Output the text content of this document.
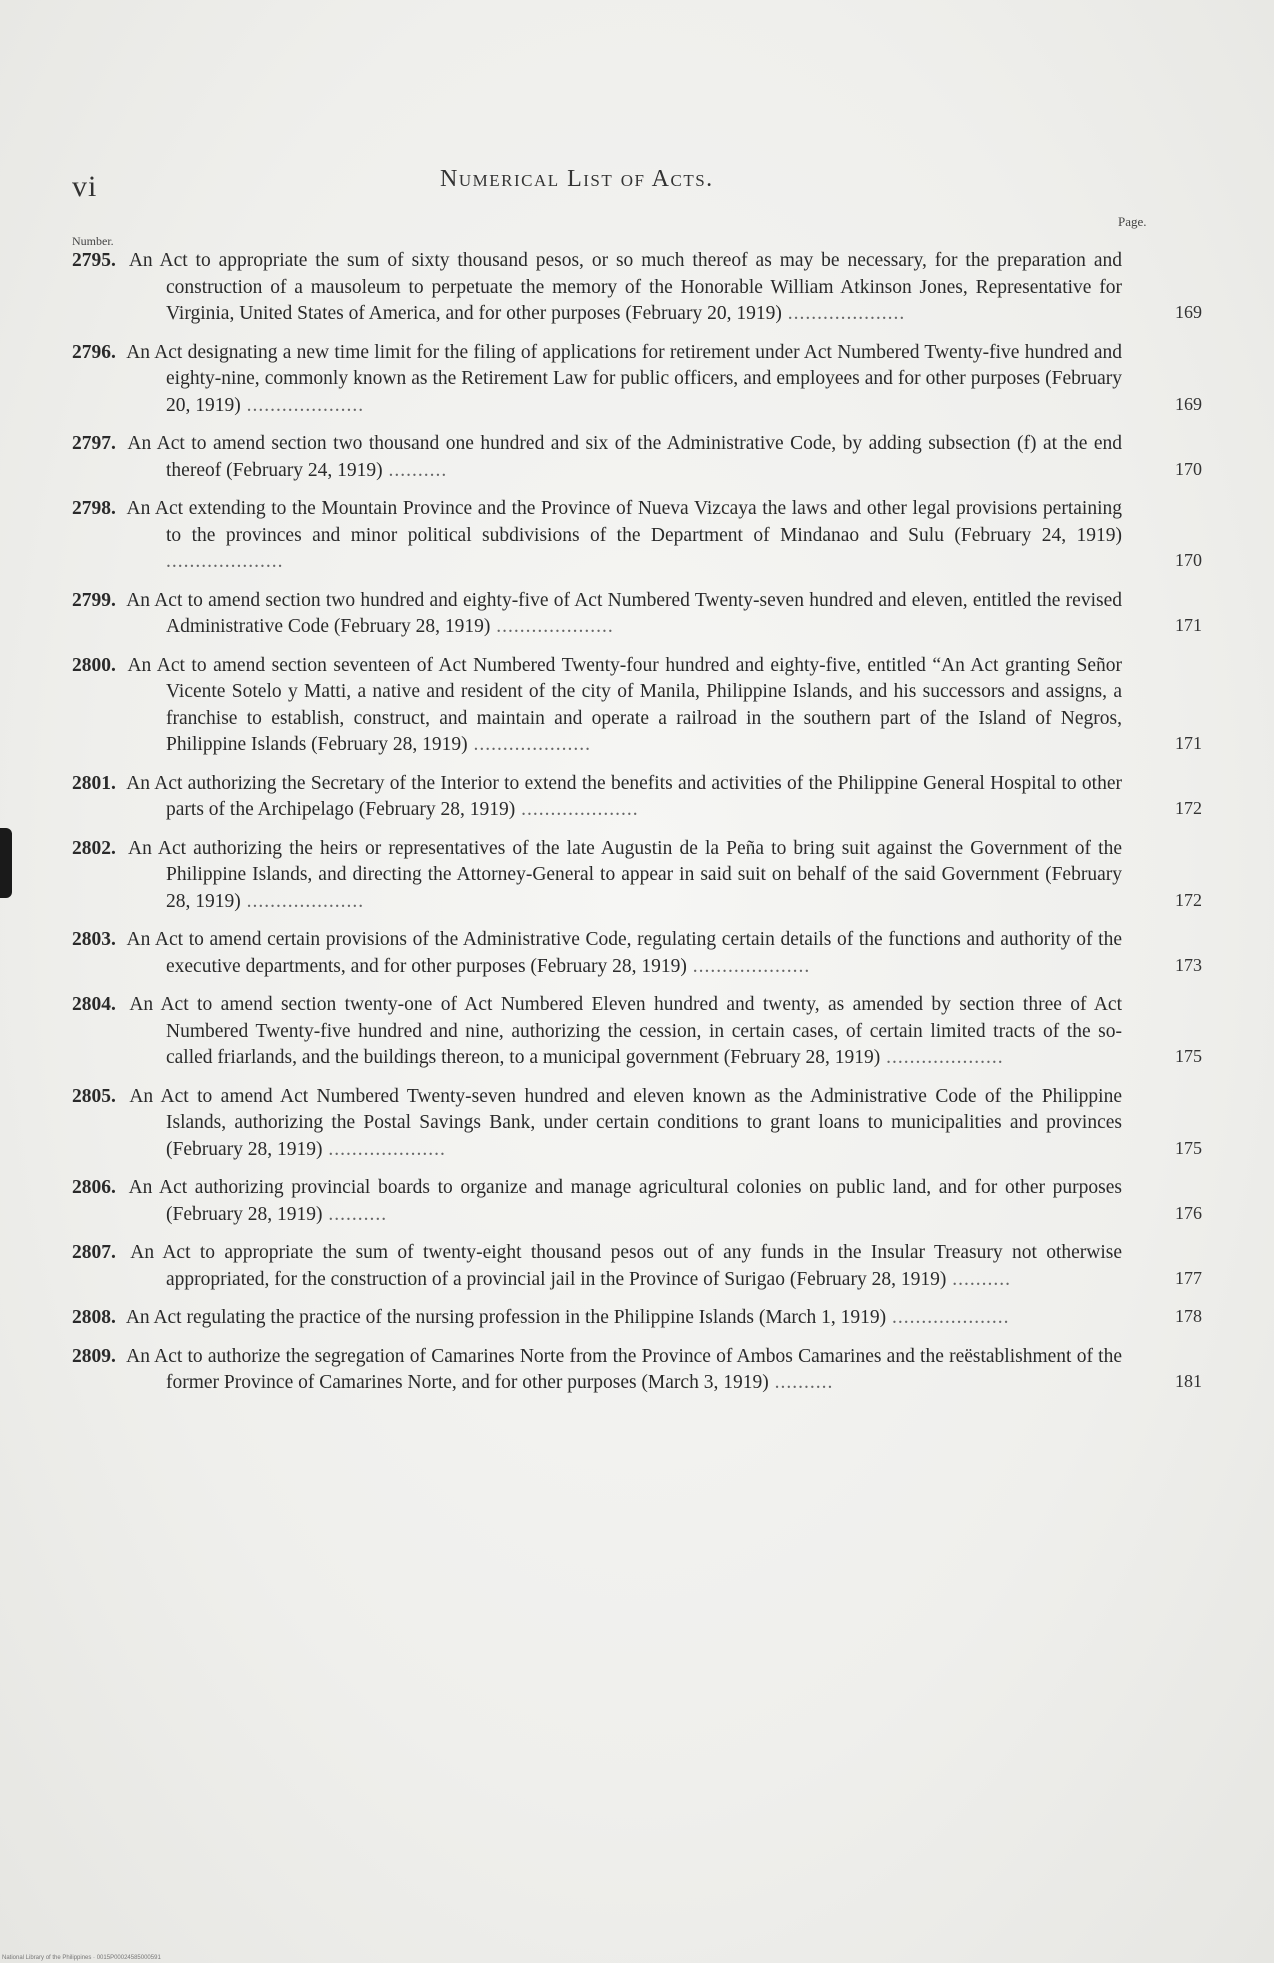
vi	Numerical List of Acts.
Page.
Number.
2795. An Act to appropriate the sum of sixty thousand pesos, or so much thereof as may be necessary, for the preparation and construction of a mausoleum to perpetuate the memory of the Honorable William Atkinson Jones, Representative for Virginia, United States of America, and for other purposes (February 20, 1919) ....................	169
2796. An Act designating a new time limit for the filing of applications for retirement under Act Numbered Twenty-five hundred and eighty-nine, commonly known as the Retirement Law for public officers, and employees and for other purposes (February 20, 1919) ....................	169
2797. An Act to amend section two thousand one hundred and six of the Administrative Code, by adding subsection (f) at the end thereof (February 24, 1919) ..........	170
2798. An Act extending to the Mountain Province and the Province of Nueva Vizcaya the laws and other legal provisions pertaining to the provinces and minor political subdivisions of the Department of Mindanao and Sulu (February 24, 1919) ....................	170
2799. An Act to amend section two hundred and eighty-five of Act Numbered Twenty-seven hundred and eleven, entitled the revised Administrative Code (February 28, 1919) ....................	171
2800. An Act to amend section seventeen of Act Numbered Twenty-four hundred and eighty-five, entitled “An Act granting Señor Vicente Sotelo y Matti, a native and resident of the city of Manila, Philippine Islands, and his successors and assigns, a franchise to establish, construct, and maintain and operate a railroad in the southern part of the Island of Negros, Philippine Islands (February 28, 1919) ....................	171
2801. An Act authorizing the Secretary of the Interior to extend the benefits and activities of the Philippine General Hospital to other parts of the Archipelago (February 28, 1919) ....................	172
2802. An Act authorizing the heirs or representatives of the late Augustin de la Peña to bring suit against the Government of the Philippine Islands, and directing the Attorney-General to appear in said suit on behalf of the said Government (February 28, 1919) ....................	172
2803. An Act to amend certain provisions of the Administrative Code, regulating certain details of the functions and authority of the executive departments, and for other purposes (February 28, 1919) ....................	173
2804. An Act to amend section twenty-one of Act Numbered Eleven hundred and twenty, as amended by section three of Act Numbered Twenty-five hundred and nine, authorizing the cession, in certain cases, of certain limited tracts of the so-called friarlands, and the buildings thereon, to a municipal government (February 28, 1919) ....................	175
2805. An Act to amend Act Numbered Twenty-seven hundred and eleven known as the Administrative Code of the Philippine Islands, authorizing the Postal Savings Bank, under certain conditions to grant loans to municipalities and provinces (February 28, 1919) ....................	175
2806. An Act authorizing provincial boards to organize and manage agricultural colonies on public land, and for other purposes (February 28, 1919) ..........	176
2807. An Act to appropriate the sum of twenty-eight thousand pesos out of any funds in the Insular Treasury not otherwise appropriated, for the construction of a provincial jail in the Province of Surigao (February 28, 1919) ..........	177
2808. An Act regulating the practice of the nursing profession in the Philippine Islands (March 1, 1919) ....................	178
2809. An Act to authorize the segregation of Camarines Norte from the Province of Ambos Camarines and the reëstablishment of the former Province of Camarines Norte, and for other purposes (March 3, 1919) ..........	181
National Library of the Philippines · 0015P00024585000591
